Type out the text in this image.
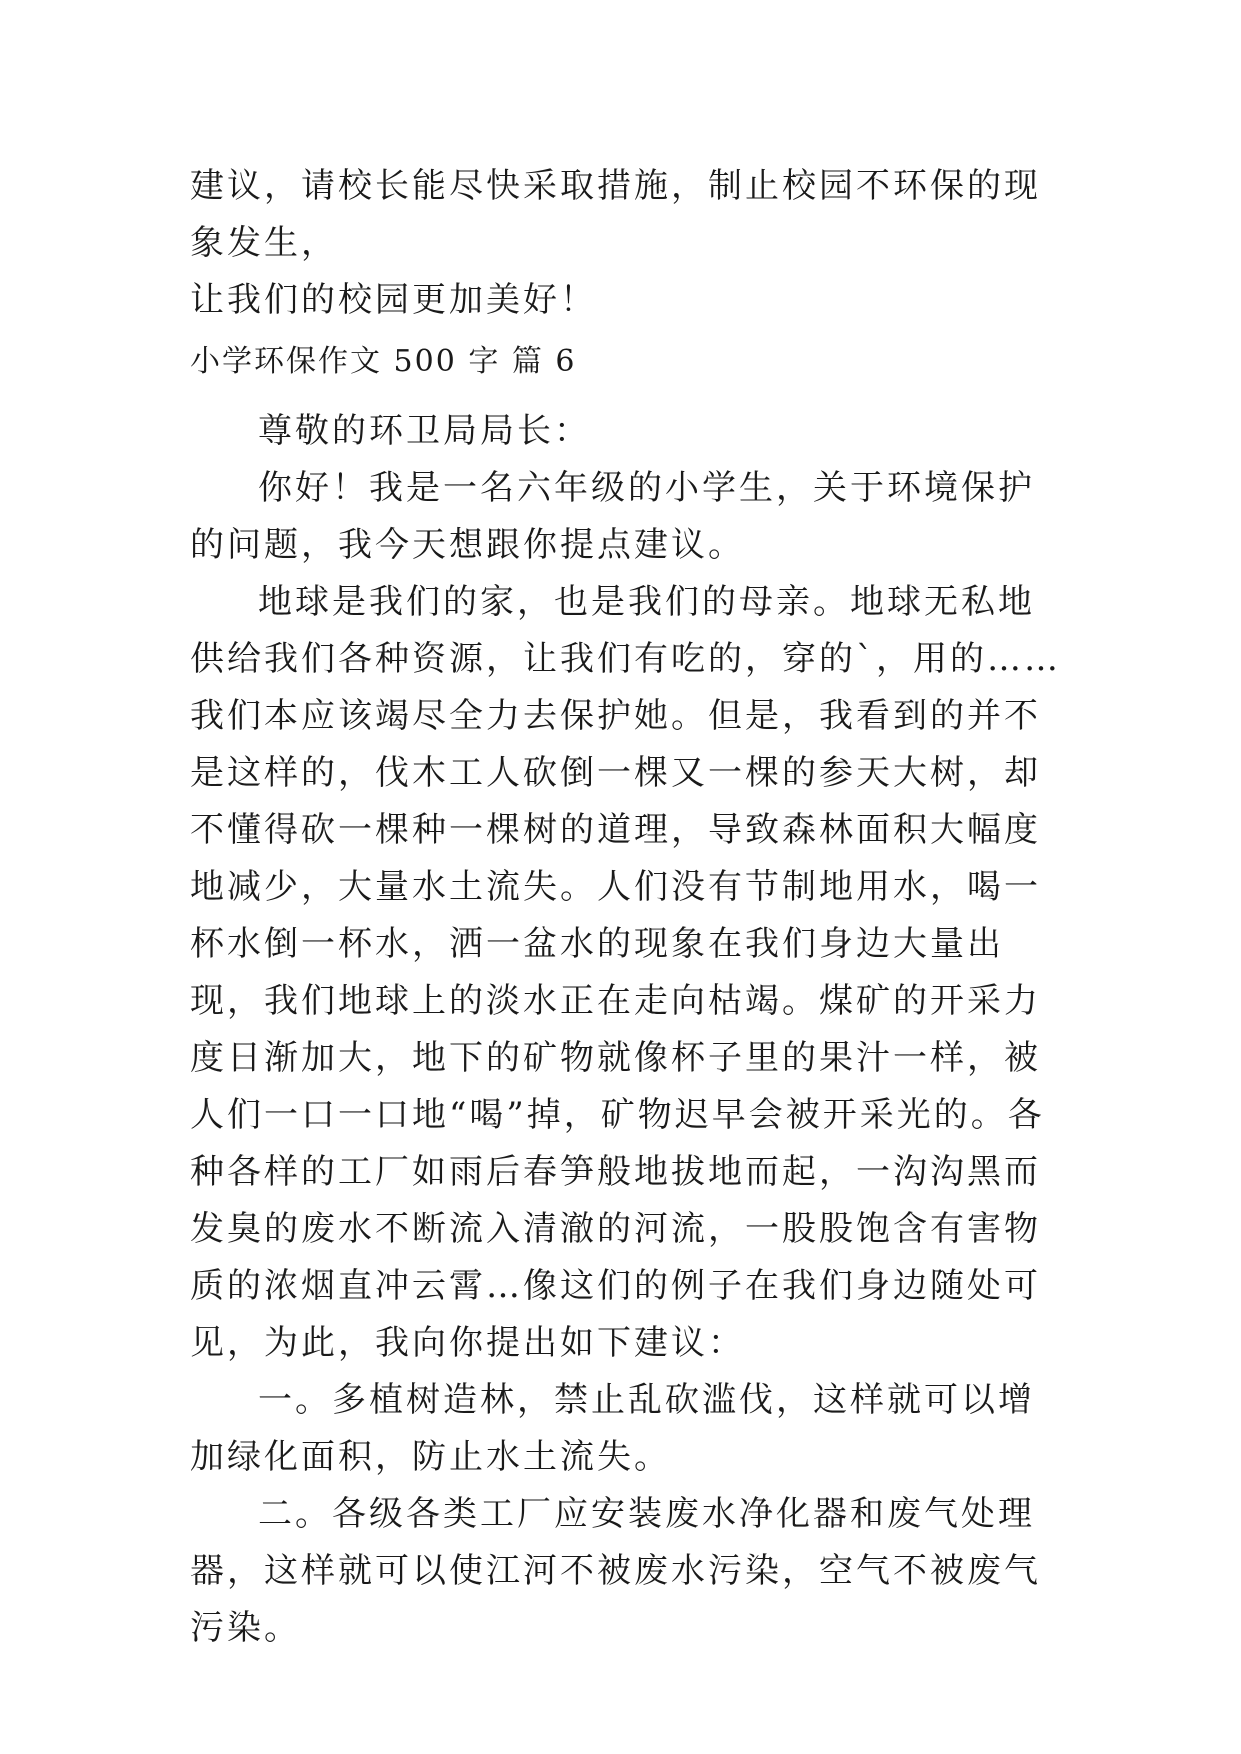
建议，请校长能尽快采取措施，制止校园不环保的现象发生，

让我们的校园更加美好！

小学环保作文 500 字 篇 6

尊敬的环卫局局长：

你好！我是一名六年级的小学生，关于环境保护的问题，我今天想跟你提点建议。

地球是我们的家，也是我们的母亲。地球无私地供给我们各种资源，让我们有吃的，穿的`，用的……我们本应该竭尽全力去保护她。但是，我看到的并不是这样的，伐木工人砍倒一棵又一棵的参天大树，却不懂得砍一棵种一棵树的道理，导致森林面积大幅度地减少，大量水土流失。人们没有节制地用水，喝一杯水倒一杯水，洒一盆水的现象在我们身边大量出现，我们地球上的淡水正在走向枯竭。煤矿的开采力度日渐加大，地下的矿物就像杯子里的果汁一样，被人们一口一口地“喝”掉，矿物迟早会被开采光的。各种各样的工厂如雨后春笋般地拔地而起，一沟沟黑而发臭的废水不断流入清澈的河流，一股股饱含有害物质的浓烟直冲云霄…像这们的例子在我们身边随处可见，为此，我向你提出如下建议：

一。多植树造林，禁止乱砍滥伐，这样就可以增加绿化面积，防止水土流失。

二。各级各类工厂应安装废水净化器和废气处理器，这样就可以使江河不被废水污染，空气不被废气污染。
